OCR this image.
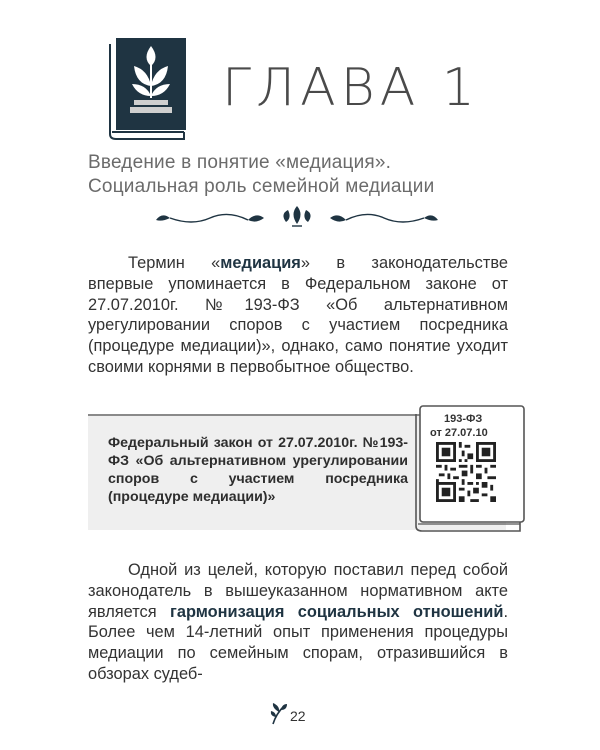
ГЛАВА 1
Введение в понятие «медиация».
Социальная роль семейной медиации

Термин «медиация» в законодательстве впервые упоминается в Федеральном законе от 27.07.2010г. №193-ФЗ «Об альтернативном урегулировании споров с участием посредника (процедуре медиации)», однако, само понятие уходит своими корнями в первобытное общество.

Федеральный закон от 27.07.2010г. №193-ФЗ «Об альтернативном урегулировании споров с участием посредника (процедуре медиации)»
193-ФЗ
от 27.07.10

Одной из целей, которую поставил перед собой законодатель в вышеуказанном нормативном акте является гармонизация социальных отношений. Более чем 14-летний опыт применения процедуры медиации по семейным спорам, отразившийся в обзорах судеб-

22
